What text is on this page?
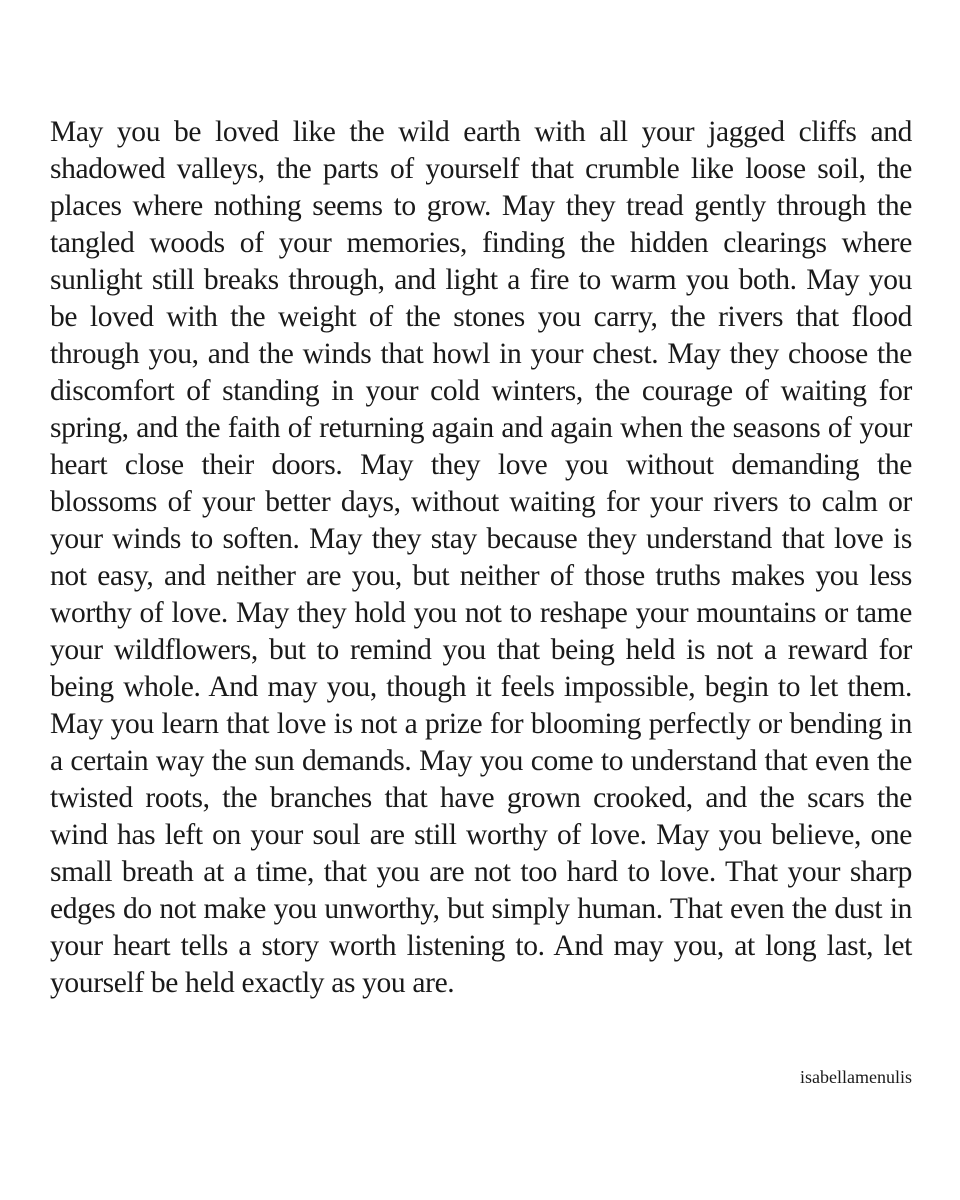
May you be loved like the wild earth with all your jagged cliffs and shadowed valleys, the parts of yourself that crumble like loose soil, the places where nothing seems to grow. May they tread gently through the tangled woods of your memories, finding the hidden clearings where sunlight still breaks through, and light a fire to warm you both. May you be loved with the weight of the stones you carry, the rivers that flood through you, and the winds that howl in your chest. May they choose the discomfort of standing in your cold winters, the courage of waiting for spring, and the faith of returning again and again when the seasons of your heart close their doors. May they love you without demanding the blossoms of your better days, without waiting for your rivers to calm or your winds to soften. May they stay because they understand that love is not easy, and neither are you, but neither of those truths makes you less worthy of love. May they hold you not to reshape your mountains or tame your wildflowers, but to remind you that being held is not a reward for being whole. And may you, though it feels impossible, begin to let them. May you learn that love is not a prize for blooming perfectly or bending in a certain way the sun demands. May you come to understand that even the twisted roots, the branches that have grown crooked, and the scars the wind has left on your soul are still worthy of love. May you believe, one small breath at a time, that you are not too hard to love. That your sharp edges do not make you unworthy, but simply human. That even the dust in your heart tells a story worth listening to. And may you, at long last, let yourself be held exactly as you are.

isabellamenulis
